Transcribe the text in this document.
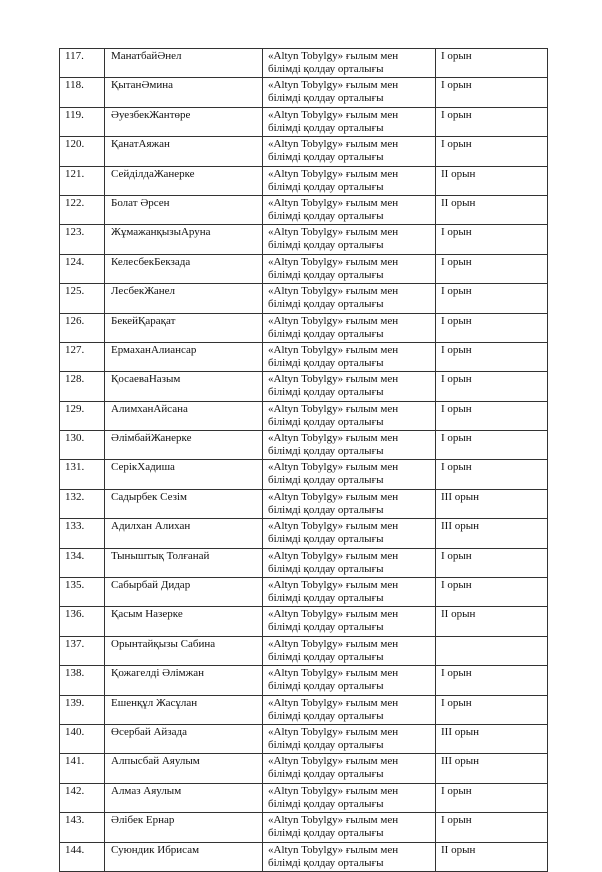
117.	МанатбайӘнел	«Altyn Tobylgy» ғылым мен
білімді қолдау орталығы	I орын
118.	ҚытанӘмина	«Altyn Tobylgy» ғылым мен
білімді қолдау орталығы	I орын
119.	ӘуезбекЖантөре	«Altyn Tobylgy» ғылым мен
білімді қолдау орталығы	I орын
120.	ҚанатАяжан	«Altyn Tobylgy» ғылым мен
білімді қолдау орталығы	I орын
121.	СейділдаЖанерке	«Altyn Tobylgy» ғылым мен
білімді қолдау орталығы	II орын
122.	Болат Әрсен	«Altyn Tobylgy» ғылым мен
білімді қолдау орталығы	II орын
123.	ЖұмажанқызыАруна	«Altyn Tobylgy» ғылым мен
білімді қолдау орталығы	I орын
124.	КелесбекБекзада	«Altyn Tobylgy» ғылым мен
білімді қолдау орталығы	I орын
125.	ЛесбекЖанел	«Altyn Tobylgy» ғылым мен
білімді қолдау орталығы	I орын
126.	БекейҚарақат	«Altyn Tobylgy» ғылым мен
білімді қолдау орталығы	I орын
127.	ЕрмаханАлиансар	«Altyn Tobylgy» ғылым мен
білімді қолдау орталығы	I орын
128.	ҚосаеваНазым	«Altyn Tobylgy» ғылым мен
білімді қолдау орталығы	I орын
129.	АлимханАйсана	«Altyn Tobylgy» ғылым мен
білімді қолдау орталығы	I орын
130.	ӘлімбайЖанерке	«Altyn Tobylgy» ғылым мен
білімді қолдау орталығы	I орын
131.	СерікХадиша	«Altyn Tobylgy» ғылым мен
білімді қолдау орталығы	I орын
132.	Садырбек Сезім	«Altyn Tobylgy» ғылым мен
білімді қолдау орталығы	III орын
133.	Адилхан Алихан	«Altyn Tobylgy» ғылым мен
білімді қолдау орталығы	III орын
134.	Тыныштық Толғанай	«Altyn Tobylgy» ғылым мен
білімді қолдау орталығы	I орын
135.	Сабырбай Дидар	«Altyn Tobylgy» ғылым мен
білімді қолдау орталығы	I орын
136.	Қасым Назерке	«Altyn Tobylgy» ғылым мен
білімді қолдау орталығы	II орын
137.	Орынтайқызы Сабина	«Altyn Tobylgy» ғылым мен
білімді қолдау орталығы	

138.	Қожагелді Әлімжан	«Altyn Tobylgy» ғылым мен
білімді қолдау орталығы	I орын
139.	Ешенқұл Жасұлан	«Altyn Tobylgy» ғылым мен
білімді қолдау орталығы	I орын
140.	Өсербай Айзада	«Altyn Tobylgy» ғылым мен
білімді қолдау орталығы	III орын
141.	Алпысбай Аяулым	«Altyn Tobylgy» ғылым мен
білімді қолдау орталығы	III орын
142.	Алмаз Аяулым	«Altyn Tobylgy» ғылым мен
білімді қолдау орталығы	I орын
143.	Әлібек Ернар	«Altyn Tobylgy» ғылым мен
білімді қолдау орталығы	I орын
144.	Суюндик Ибрисам	«Altyn Tobylgy» ғылым мен
білімді қолдау орталығы	II орын
